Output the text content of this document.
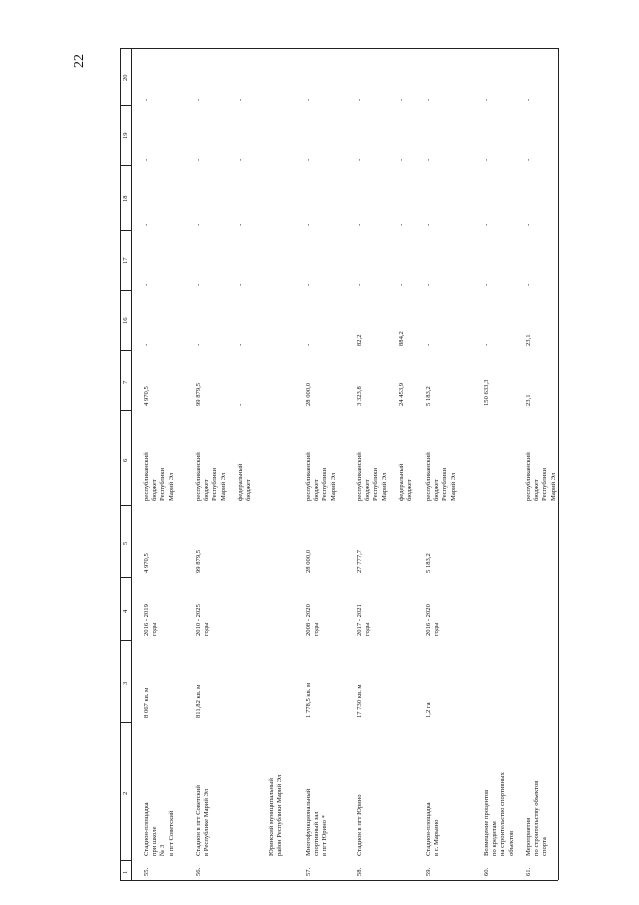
22
1
2
3
4
5
6
7
16
17
18
19
20
55.
Стадион-площадка
при школе
№ 3
в пгт Советский
8 067 кв. м
2016 - 2019
годы
4 970,5
республиканский
бюджет
Республики
Марий Эл
4 970,5
-
-
-
-
-
56.
Стадион в пгт Советский
в Республике Марий Эл
811,82 кв. м
2010 - 2025
годы
99 879,5
республиканский
бюджет
Республики
Марий Эл
99 879,5
-
-
-
-
-
федеральный
бюджет
-
-
-
-
-
-
Юринский муниципальный
район Республики Марий Эл
57.
Многофункциональный
спортивный зал
в пгт Юрино *
1 778,5 кв. м
2008 - 2020
годы
28 000,0
республиканский
бюджет
Республики
Марий Эл
28 000,0
-
-
-
-
-
58.
Стадион в пгт Юрино
17 730 кв. м
2017 - 2021
годы
27 777,7
республиканский
бюджет
Республики
Марий Эл
3 323,8
82,2
-
-
-
-
федеральный
бюджет
24 453,9
884,2
-
-
-
-
59.
Стадион-площадка
в с. Марьино
1,2 га
2016 - 2020
годы
5 183,2
республиканский
бюджет
Республики
Марий Эл
5 183,2
-
-
-
-
-
60.
Возмещение процентов
по кредитам
на строительство спортивных
объектов
150 633,3
-
-
-
-
-
61.
Мероприятия
по строительству объектов
спорта
республиканский
бюджет
Республики
Марий Эл
23,1
23,1
-
-
-
-
